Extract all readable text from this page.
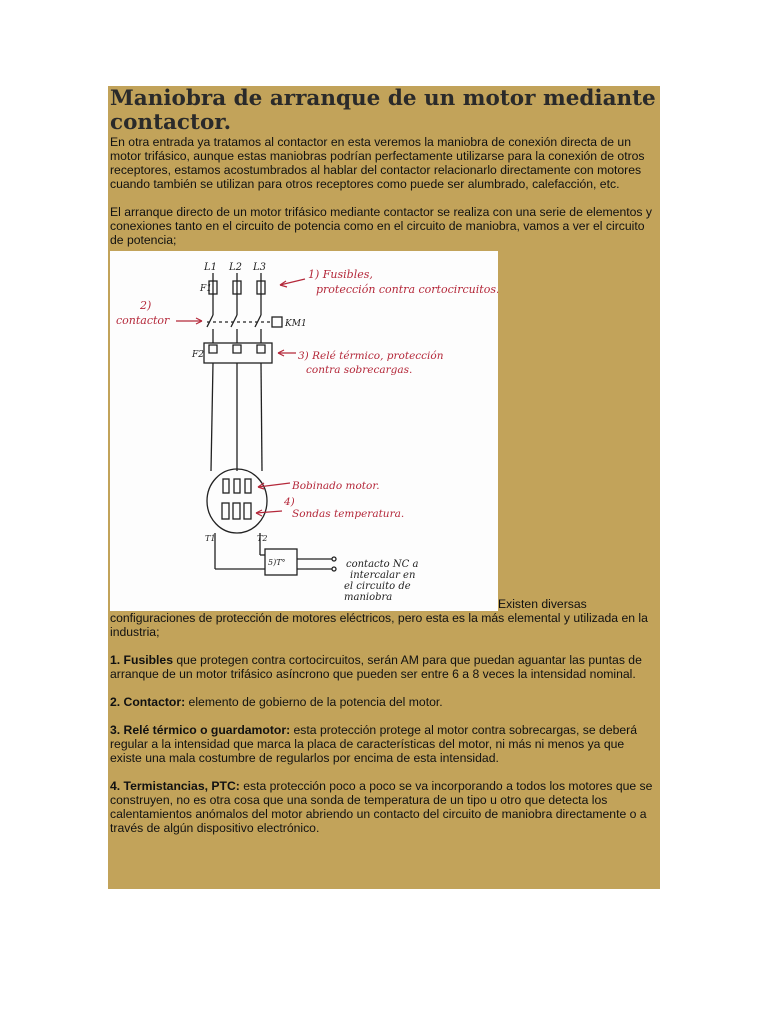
Maniobra de arranque de un motor mediante contactor.

En otra entrada ya tratamos al contactor en esta veremos la maniobra de conexión directa de un motor trifásico, aunque estas maniobras podrían perfectamente utilizarse para la conexión de otros receptores, estamos acostumbrados al hablar del contactor relacionarlo directamente con motores cuando también se utilizan para otros receptores como puede ser alumbrado, calefacción, etc.

El arranque directo de un motor trifásico mediante contactor se realiza con una serie de elementos y conexiones tanto en el circuito de potencia como en el circuito de maniobra, vamos a ver el circuito de potencia;

L1 L2 L3
F1
F2
KM1
T1	T2
5)T°
1) Fusibles,
protección contra cortocircuitos.
2)
contactor
3) Relé térmico, protección
contra sobrecargas.
Bobinado motor.
4)
Sondas temperatura.
contacto NC a
intercalar en
el circuito de
maniobra	Existen diversas

configuraciones de protección de motores eléctricos, pero esta es la más elemental y utilizada en la industria;

1. Fusibles que protegen contra cortocircuitos, serán AM para que puedan aguantar las puntas de arranque de un motor trifásico asíncrono que pueden ser entre 6 a 8 veces la intensidad nominal.

2. Contactor: elemento de gobierno de la potencia del motor.

3. Relé térmico o guardamotor: esta protección protege al motor contra sobrecargas, se deberá regular a la intensidad que marca la placa de características del motor, ni más ni menos ya que existe una mala costumbre de regularlos por encima de esta intensidad.

4. Termistancias, PTC: esta protección poco a poco se va incorporando a todos los motores que se construyen, no es otra cosa que una sonda de temperatura de un tipo u otro que detecta los calentamientos anómalos del motor abriendo un contacto del circuito de maniobra directamente o a través de algún dispositivo electrónico.
